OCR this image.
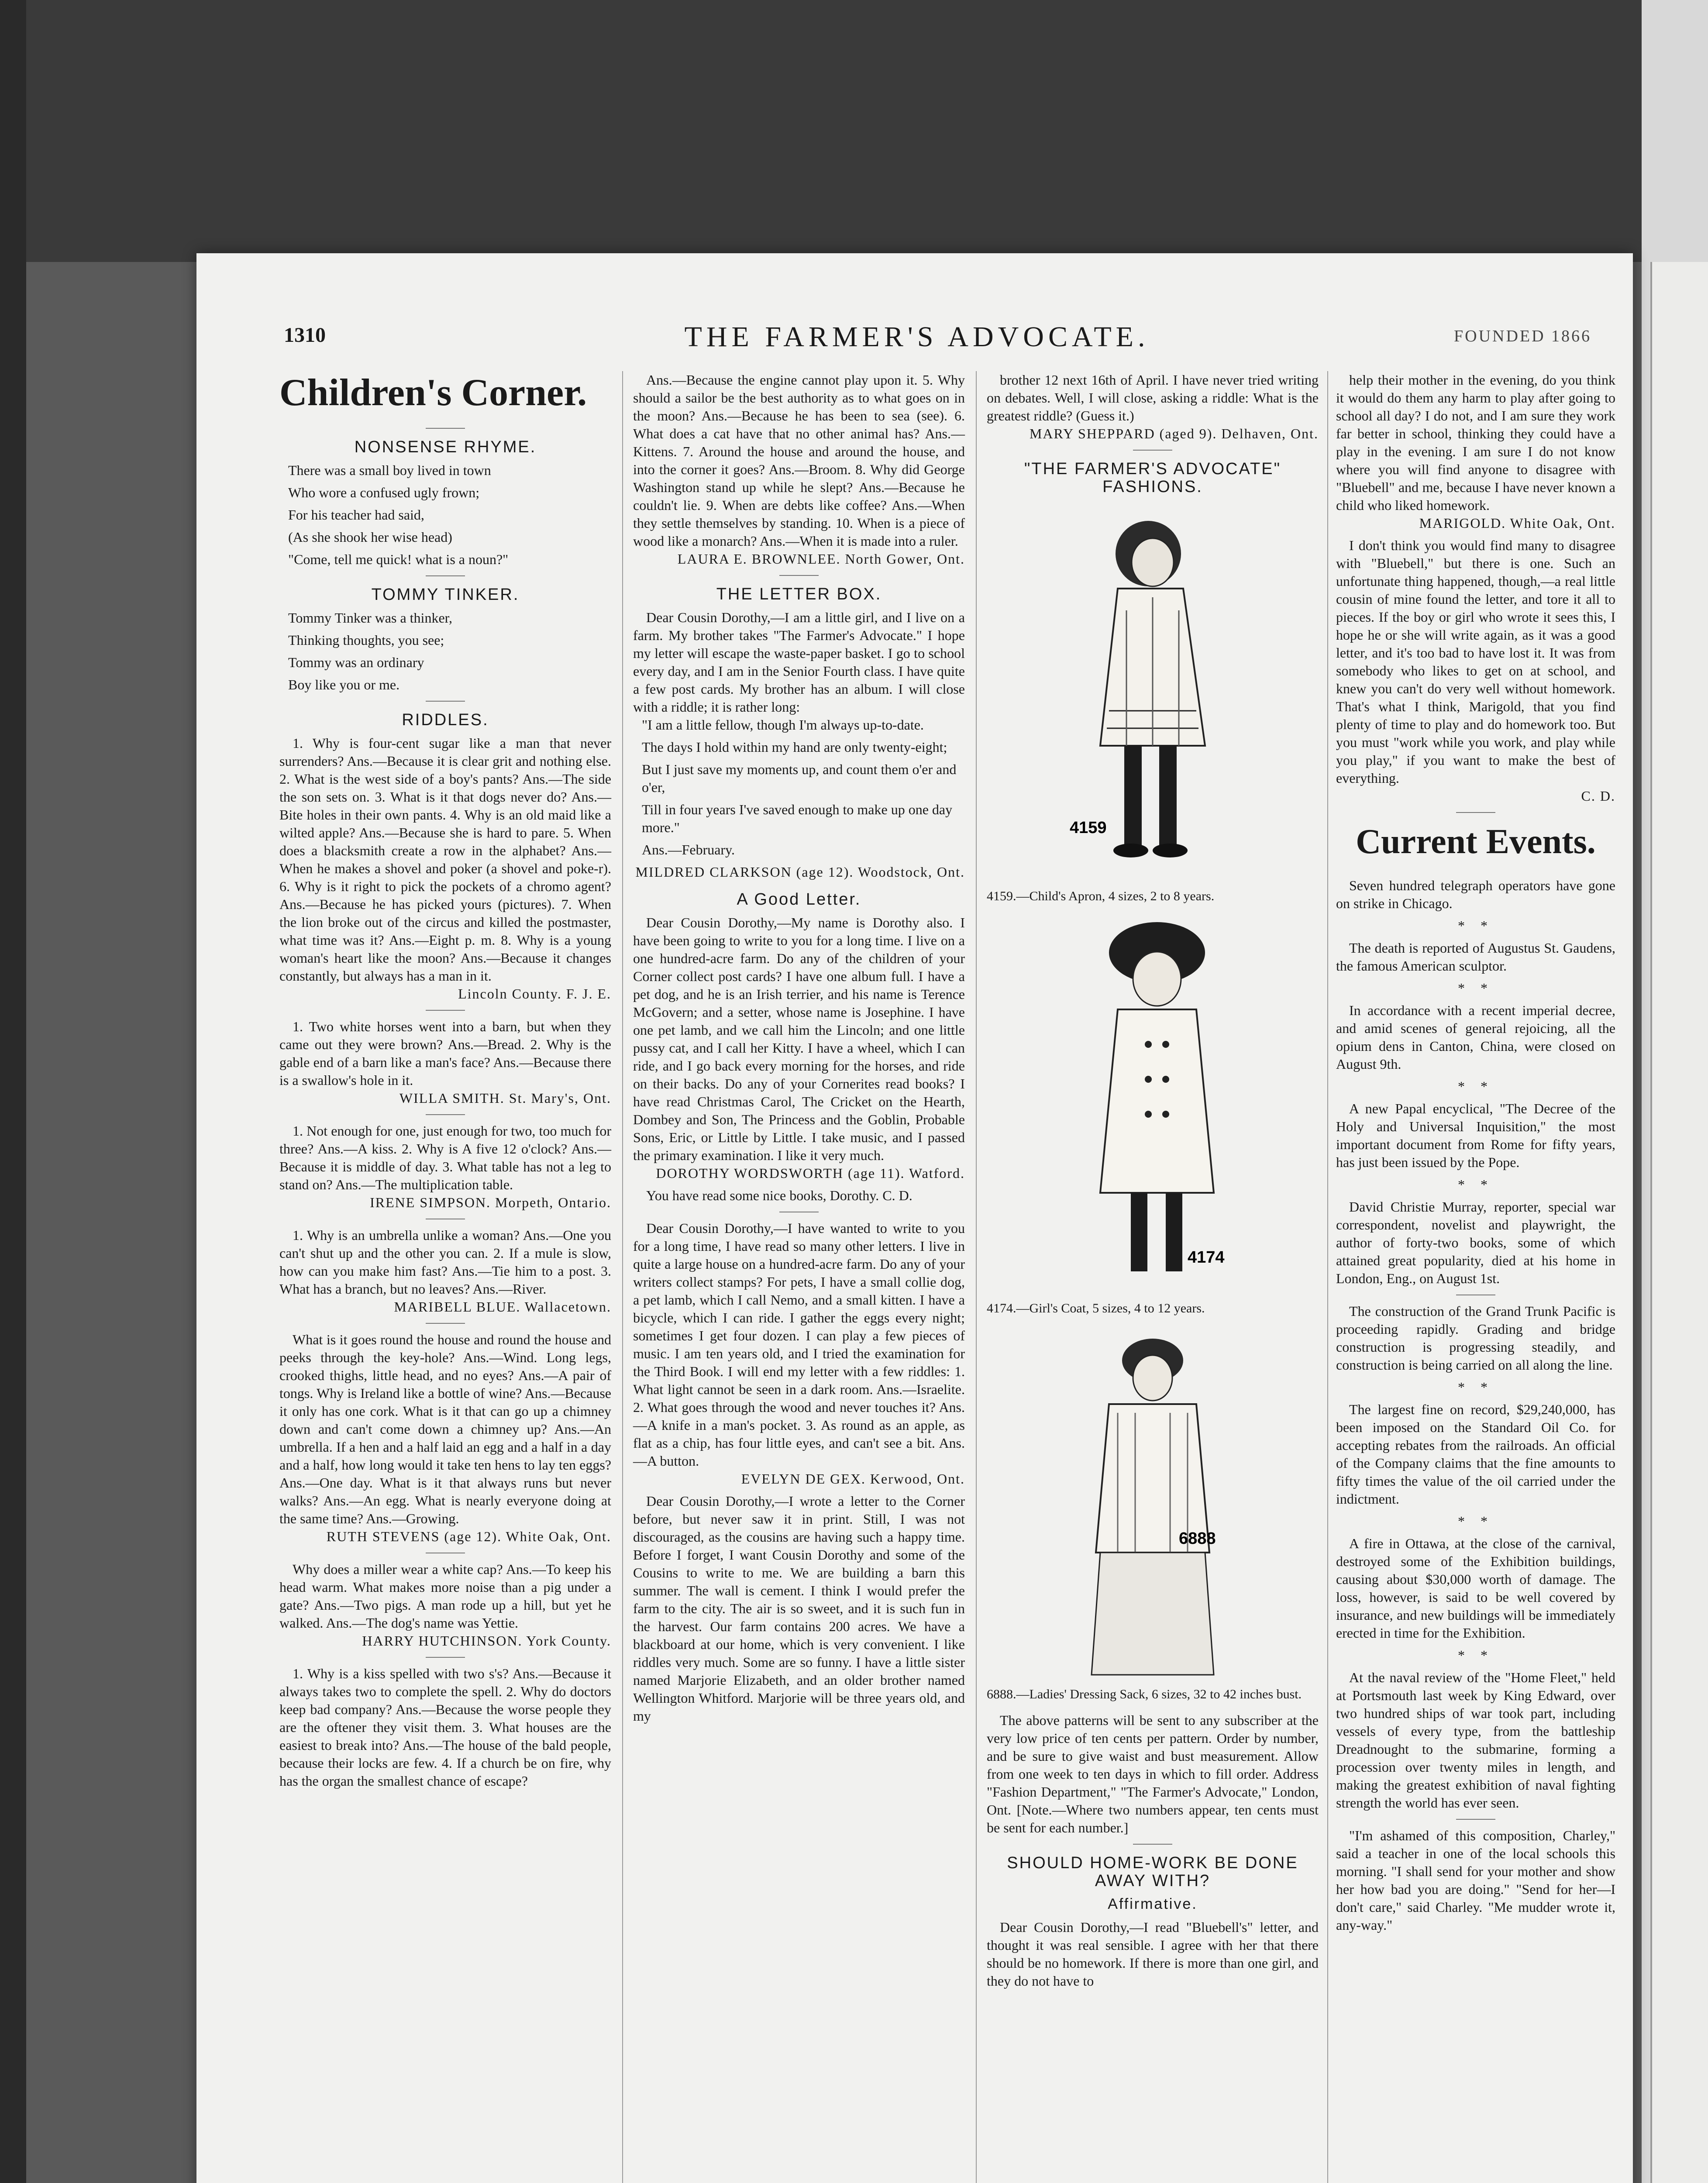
1310	THE FARMER'S ADVOCATE.	FOUNDED 1866
Children's Corner.
NONSENSE RHYME.

There was a small boy lived in town

Who wore a confused ugly frown;

For his teacher had said,

(As she shook her wise head)

"Come, tell me quick! what is a noun?"

TOMMY TINKER.

Tommy Tinker was a thinker,

Thinking thoughts, you see;

Tommy was an ordinary

Boy like you or me.

RIDDLES.

1. Why is four-cent sugar like a man that never surrenders? Ans.—Because it is clear grit and nothing else. 2. What is the west side of a boy's pants? Ans.—The side the son sets on. 3. What is it that dogs never do? Ans.—Bite holes in their own pants. 4. Why is an old maid like a wilted apple? Ans.—Because she is hard to pare. 5. When does a blacksmith create a row in the alphabet? Ans.—When he makes a shovel and poker (a shovel and poke-r). 6. Why is it right to pick the pockets of a chromo agent? Ans.—Because he has picked yours (pictures). 7. When the lion broke out of the circus and killed the postmaster, what time was it? Ans.—Eight p. m. 8. Why is a young woman's heart like the moon? Ans.—Because it changes constantly, but always has a man in it.

Lincoln County. F. J. E.

1. Two white horses went into a barn, but when they came out they were brown? Ans.—Bread. 2. Why is the gable end of a barn like a man's face? Ans.—Because there is a swallow's hole in it.

WILLA SMITH. St. Mary's, Ont.

1. Not enough for one, just enough for two, too much for three? Ans.—A kiss. 2. Why is A five 12 o'clock? Ans.—Because it is middle of day. 3. What table has not a leg to stand on? Ans.—The multiplication table.

IRENE SIMPSON. Morpeth, Ontario.

1. Why is an umbrella unlike a woman? Ans.—One you can't shut up and the other you can. 2. If a mule is slow, how can you make him fast? Ans.—Tie him to a post. 3. What has a branch, but no leaves? Ans.—River.

MARIBELL BLUE. Wallacetown.

What is it goes round the house and round the house and peeks through the key-hole? Ans.—Wind. Long legs, crooked thighs, little head, and no eyes? Ans.—A pair of tongs. Why is Ireland like a bottle of wine? Ans.—Because it only has one cork. What is it that can go up a chimney down and can't come down a chimney up? Ans.—An umbrella. If a hen and a half laid an egg and a half in a day and a half, how long would it take ten hens to lay ten eggs? Ans.—One day. What is it that always runs but never walks? Ans.—An egg. What is nearly everyone doing at the same time? Ans.—Growing.

RUTH STEVENS (age 12). White Oak, Ont.

Why does a miller wear a white cap? Ans.—To keep his head warm. What makes more noise than a pig under a gate? Ans.—Two pigs. A man rode up a hill, but yet he walked. Ans.—The dog's name was Yettie.

HARRY HUTCHINSON. York County.

1. Why is a kiss spelled with two s's? Ans.—Because it always takes two to complete the spell. 2. Why do doctors keep bad company? Ans.—Because the worse people they are the oftener they visit them. 3. What houses are the easiest to break into? Ans.—The house of the bald people, because their locks are few. 4. If a church be on fire, why has the organ the smallest chance of escape?

Ans.—Because the engine cannot play upon it. 5. Why should a sailor be the best authority as to what goes on in the moon? Ans.—Because he has been to sea (see). 6. What does a cat have that no other animal has? Ans.—Kittens. 7. Around the house and around the house, and into the corner it goes? Ans.—Broom. 8. Why did George Washington stand up while he slept? Ans.—Because he couldn't lie. 9. When are debts like coffee? Ans.—When they settle themselves by standing. 10. When is a piece of wood like a monarch? Ans.—When it is made into a ruler.

LAURA E. BROWNLEE. North Gower, Ont.

THE LETTER BOX.

Dear Cousin Dorothy,—I am a little girl, and I live on a farm. My brother takes "The Farmer's Advocate." I hope my letter will escape the waste-paper basket. I go to school every day, and I am in the Senior Fourth class. I have quite a few post cards. My brother has an album. I will close with a riddle; it is rather long:

"I am a little fellow, though I'm always up-to-date.

The days I hold within my hand are only twenty-eight;

But I just save my moments up, and count them o'er and o'er,

Till in four years I've saved enough to make up one day more."

Ans.—February.

MILDRED CLARKSON (age 12). Woodstock, Ont.

A Good Letter.

Dear Cousin Dorothy,—My name is Dorothy also. I have been going to write to you for a long time. I live on a one hundred-acre farm. Do any of the children of your Corner collect post cards? I have one album full. I have a pet dog, and he is an Irish terrier, and his name is Terence McGovern; and a setter, whose name is Josephine. I have one pet lamb, and we call him the Lincoln; and one little pussy cat, and I call her Kitty. I have a wheel, which I can ride, and I go back every morning for the horses, and ride on their backs. Do any of your Cornerites read books? I have read Christmas Carol, The Cricket on the Hearth, Dombey and Son, The Princess and the Goblin, Probable Sons, Eric, or Little by Little. I take music, and I passed the primary examination. I like it very much.

DOROTHY WORDSWORTH (age 11). Watford.

You have read some nice books, Dorothy. C. D.

Dear Cousin Dorothy,—I have wanted to write to you for a long time, I have read so many other letters. I live in quite a large house on a hundred-acre farm. Do any of your writers collect stamps? For pets, I have a small collie dog, a pet lamb, which I call Nemo, and a small kitten. I have a bicycle, which I can ride. I gather the eggs every night; sometimes I get four dozen. I can play a few pieces of music. I am ten years old, and I tried the examination for the Third Book. I will end my letter with a few riddles: 1. What light cannot be seen in a dark room. Ans.—Israelite. 2. What goes through the wood and never touches it? Ans.—A knife in a man's pocket. 3. As round as an apple, as flat as a chip, has four little eyes, and can't see a bit. Ans.—A button.

EVELYN DE GEX. Kerwood, Ont.

Dear Cousin Dorothy,—I wrote a letter to the Corner before, but never saw it in print. Still, I was not discouraged, as the cousins are having such a happy time. Before I forget, I want Cousin Dorothy and some of the Cousins to write to me. We are building a barn this summer. The wall is cement. I think I would prefer the farm to the city. The air is so sweet, and it is such fun in the harvest. Our farm contains 200 acres. We have a blackboard at our home, which is very convenient. I like riddles very much. Some are so funny. I have a little sister named Marjorie Elizabeth, and an older brother named Wellington Whitford. Marjorie will be three years old, and my

brother 12 next 16th of April. I have never tried writing on debates. Well, I will close, asking a riddle: What is the greatest riddle? (Guess it.)

MARY SHEPPARD (aged 9). Delhaven, Ont.

"THE FARMER'S ADVOCATE" FASHIONS.
4159

4159.—Child's Apron, 4 sizes, 2 to 8 years.

4174

4174.—Girl's Coat, 5 sizes, 4 to 12 years.

6888

6888.—Ladies' Dressing Sack, 6 sizes, 32 to 42 inches bust.

The above patterns will be sent to any subscriber at the very low price of ten cents per pattern. Order by number, and be sure to give waist and bust measurement. Allow from one week to ten days in which to fill order. Address "Fashion Department," "The Farmer's Advocate," London, Ont. [Note.—Where two numbers appear, ten cents must be sent for each number.]

SHOULD HOME-WORK BE DONE AWAY WITH?
Affirmative.

Dear Cousin Dorothy,—I read "Bluebell's" letter, and thought it was real sensible. I agree with her that there should be no homework. If there is more than one girl, and they do not have to

help their mother in the evening, do you think it would do them any harm to play after going to school all day? I do not, and I am sure they work far better in school, thinking they could have a play in the evening. I am sure I do not know where you will find anyone to disagree with "Bluebell" and me, because I have never known a child who liked homework.

MARIGOLD. White Oak, Ont.

I don't think you would find many to disagree with "Bluebell," but there is one. Such an unfortunate thing happened, though,—a real little cousin of mine found the letter, and tore it all to pieces. If the boy or girl who wrote it sees this, I hope he or she will write again, as it was a good letter, and it's too bad to have lost it. It was from somebody who likes to get on at school, and knew you can't do very well without homework. That's what I think, Marigold, that you find plenty of time to play and do homework too. But you must "work while you work, and play while you play," if you want to make the best of everything.

C. D.

Current Events.

Seven hundred telegraph operators have gone on strike in Chicago.

* *

The death is reported of Augustus St. Gaudens, the famous American sculptor.

* *

In accordance with a recent imperial decree, and amid scenes of general rejoicing, all the opium dens in Canton, China, were closed on August 9th.

* *

A new Papal encyclical, "The Decree of the Holy and Universal Inquisition," the most important document from Rome for fifty years, has just been issued by the Pope.

* *

David Christie Murray, reporter, special war correspondent, novelist and playwright, the author of forty-two books, some of which attained great popularity, died at his home in London, Eng., on August 1st.

The construction of the Grand Trunk Pacific is proceeding rapidly. Grading and bridge construction is progressing steadily, and construction is being carried on all along the line.

* *

The largest fine on record, $29,240,000, has been imposed on the Standard Oil Co. for accepting rebates from the railroads. An official of the Company claims that the fine amounts to fifty times the value of the oil carried under the indictment.

* *

A fire in Ottawa, at the close of the carnival, destroyed some of the Exhibition buildings, causing about $30,000 worth of damage. The loss, however, is said to be well covered by insurance, and new buildings will be immediately erected in time for the Exhibition.

* *

At the naval review of the "Home Fleet," held at Portsmouth last week by King Edward, over two hundred ships of war took part, including vessels of every type, from the battleship Dreadnought to the submarine, forming a procession over twenty miles in length, and making the greatest exhibition of naval fighting strength the world has ever seen.

"I'm ashamed of this composition, Charley," said a teacher in one of the local schools this morning. "I shall send for your mother and show her how bad you are doing." "Send for her—I don't care," said Charley. "Me mudder wrote it, any-way."
